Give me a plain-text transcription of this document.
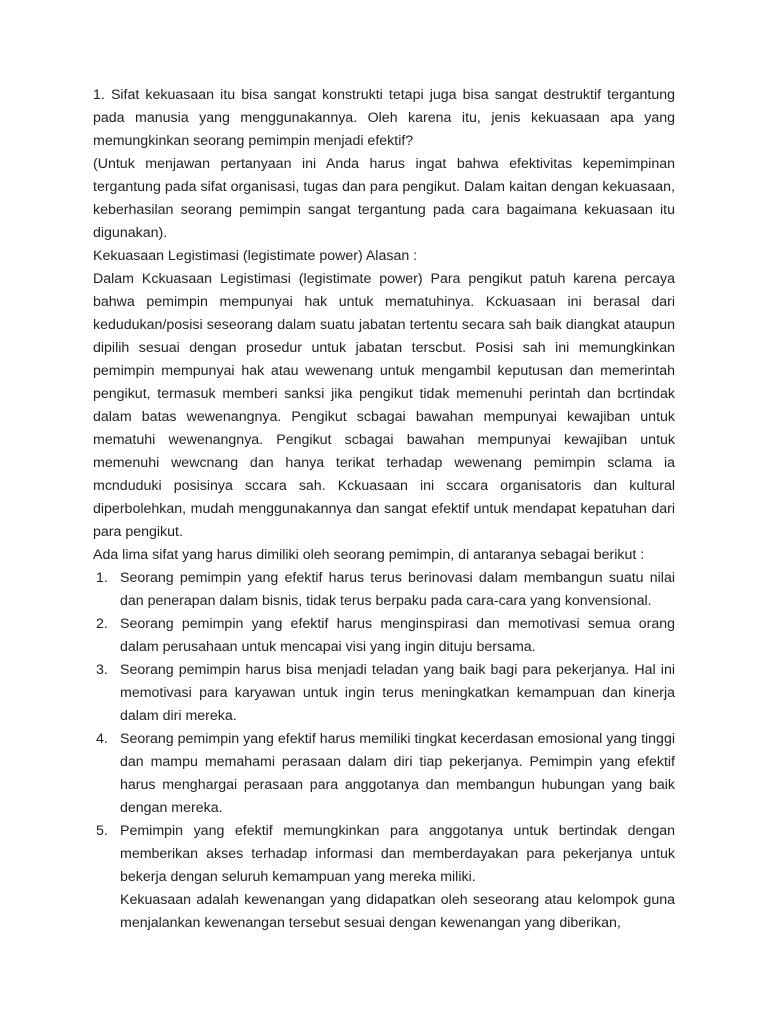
1. Sifat kekuasaan itu bisa sangat konstrukti tetapi juga bisa sangat destruktif tergantung pada manusia yang menggunakannya. Oleh karena itu, jenis kekuasaan apa yang memungkinkan seorang pemimpin menjadi efektif?

(Untuk menjawan pertanyaan ini Anda harus ingat bahwa efektivitas kepemimpinan tergantung pada sifat organisasi, tugas dan para pengikut. Dalam kaitan dengan kekuasaan, keberhasilan seorang pemimpin sangat tergantung pada cara bagaimana kekuasaan itu digunakan).

Kekuasaan Legistimasi (legistimate power) Alasan :

Dalam Kckuasaan Legistimasi (legistimate power) Para pengikut patuh karena percaya bahwa pemimpin mempunyai hak untuk mematuhinya. Kckuasaan ini berasal dari kedudukan/posisi seseorang dalam suatu jabatan tertentu secara sah baik diangkat ataupun dipilih sesuai dengan prosedur untuk jabatan terscbut. Posisi sah ini memungkinkan pemimpin mempunyai hak atau wewenang untuk mengambil keputusan dan memerintah pengikut, termasuk memberi sanksi jika pengikut tidak memenuhi perintah dan bcrtindak dalam batas wewenangnya. Pengikut scbagai bawahan mempunyai kewajiban untuk mematuhi wewenangnya. Pengikut scbagai bawahan mempunyai kewajiban untuk memenuhi wewcnang dan hanya terikat terhadap wewenang pemimpin sclama ia mcnduduki posisinya sccara sah. Kckuasaan ini sccara organisatoris dan kultural diperbolehkan, mudah menggunakannya dan sangat efektif untuk mendapat kepatuhan dari para pengikut.

Ada lima sifat yang harus dimiliki oleh seorang pemimpin, di antaranya sebagai berikut :

1. Seorang pemimpin yang efektif harus terus berinovasi dalam membangun suatu nilai dan penerapan dalam bisnis, tidak terus berpaku pada cara-cara yang konvensional.
2. Seorang pemimpin yang efektif harus menginspirasi dan memotivasi semua orang dalam perusahaan untuk mencapai visi yang ingin dituju bersama.
3. Seorang pemimpin harus bisa menjadi teladan yang baik bagi para pekerjanya. Hal ini memotivasi para karyawan untuk ingin terus meningkatkan kemampuan dan kinerja dalam diri mereka.
4. Seorang pemimpin yang efektif harus memiliki tingkat kecerdasan emosional yang tinggi dan mampu memahami perasaan dalam diri tiap pekerjanya. Pemimpin yang efektif harus menghargai perasaan para anggotanya dan membangun hubungan yang baik dengan mereka.
5. Pemimpin yang efektif memungkinkan para anggotanya untuk bertindak dengan memberikan akses terhadap informasi dan memberdayakan para pekerjanya untuk bekerja dengan seluruh kemampuan yang mereka miliki.

Kekuasaan adalah kewenangan yang didapatkan oleh seseorang atau kelompok guna menjalankan kewenangan tersebut sesuai dengan kewenangan yang diberikan,
